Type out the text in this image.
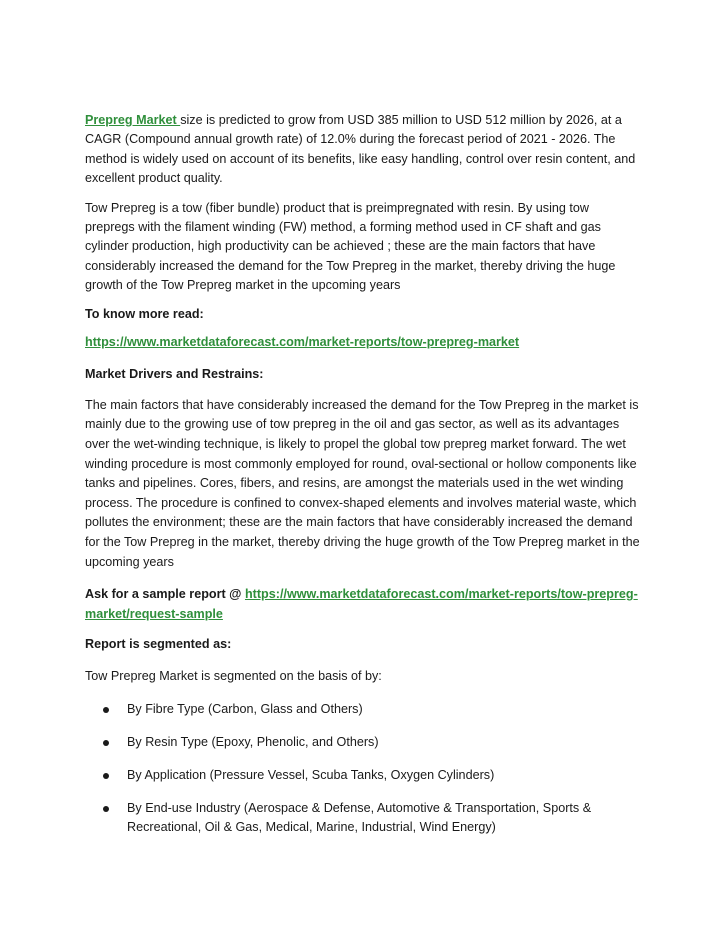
Prepreg Market size is predicted to grow from USD 385 million to USD 512 million by 2026, at a CAGR (Compound annual growth rate) of 12.0% during the forecast period of 2021 - 2026. The method is widely used on account of its benefits, like easy handling, control over resin content, and excellent product quality.

Tow Prepreg is a tow (fiber bundle) product that is preimpregnated with resin. By using tow prepregs with the filament winding (FW) method, a forming method used in CF shaft and gas cylinder production, high productivity can be achieved ; these are the main factors that have considerably increased the demand for the Tow Prepreg in the market, thereby driving the huge growth of the Tow Prepreg market in the upcoming years

To know more read:

https://www.marketdataforecast.com/market-reports/tow-prepreg-market

Market Drivers and Restrains:

The main factors that have considerably increased the demand for the Tow Prepreg in the market is mainly due to the growing use of tow prepreg in the oil and gas sector, as well as its advantages over the wet-winding technique, is likely to propel the global tow prepreg market forward. The wet winding procedure is most commonly employed for round, oval-sectional or hollow components like tanks and pipelines. Cores, fibers, and resins, are amongst the materials used in the wet winding process. The procedure is confined to convex-shaped elements and involves material waste, which pollutes the environment; these are the main factors that have considerably increased the demand for the Tow Prepreg in the market, thereby driving the huge growth of the Tow Prepreg market in the upcoming years

Ask for a sample report @ https://www.marketdataforecast.com/market-reports/tow-prepreg-market/request-sample

Report is segmented as:

Tow Prepreg Market is segmented on the basis of by:

By Fibre Type (Carbon, Glass and Others)
By Resin Type (Epoxy, Phenolic, and Others)
By Application (Pressure Vessel, Scuba Tanks, Oxygen Cylinders)
By End-use Industry (Aerospace & Defense, Automotive & Transportation, Sports & Recreational, Oil & Gas, Medical, Marine, Industrial, Wind Energy)
